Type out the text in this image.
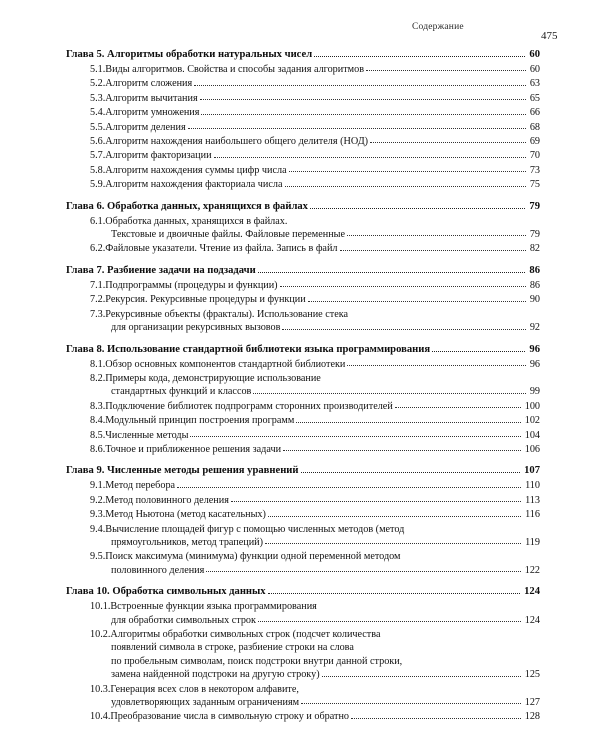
Содержание
475
Глава 5. Алгоритмы обработки натуральных чисел	60
5.1. Виды алгоритмов. Свойства и способы задания алгоритмов	60
5.2. Алгоритм сложения	63
5.3. Алгоритм вычитания	65
5.4. Алгоритм умножения	66
5.5. Алгоритм деления	68
5.6. Алгоритм нахождения наибольшего общего делителя (НОД)	69
5.7. Алгоритм факторизации	70
5.8. Алгоритм нахождения суммы цифр числа	73
5.9. Алгоритм нахождения факториала числа	75
Глава 6. Обработка данных, хранящихся в файлах	79
6.1. Обработка данных, хранящихся в файлах.
Текстовые и двоичные файлы. Файловые переменные	79
6.2. Файловые указатели. Чтение из файла. Запись в файл	82
Глава 7. Разбиение задачи на подзадачи	86
7.1. Подпрограммы (процедуры и функции)	86
7.2. Рекурсия. Рекурсивные процедуры и функции	90
7.3. Рекурсивные объекты (фракталы). Использование стека
для организации рекурсивных вызовов	92
Глава 8. Использование стандартной библиотеки языка программирования	96
8.1. Обзор основных компонентов стандартной библиотеки	96
8.2. Примеры кода, демонстрирующие использование
стандартных функций и классов	99
8.3. Подключение библиотек подпрограмм сторонних производителей	100
8.4. Модульный принцип построения программ	102
8.5. Численные методы	104
8.6. Точное и приближенное решения задачи	106
Глава 9. Численные методы решения уравнений	107
9.1. Метод перебора	110
9.2. Метод половинного деления	113
9.3. Метод Ньютона (метод касательных)	116
9.4. Вычисление площадей фигур с помощью численных методов (метод
прямоугольников, метод трапеций)	119
9.5. Поиск максимума (минимума) функции одной переменной методом
половинного деления	122
Глава 10. Обработка символьных данных	124
10.1. Встроенные функции языка программирования
для обработки символьных строк	124
10.2. Алгоритмы обработки символьных строк (подсчет количества
появлений символа в строке, разбиение строки на слова
по пробельным символам, поиск подстроки внутри данной строки,
замена найденной подстроки на другую строку)	125
10.3. Генерация всех слов в некотором алфавите,
удовлетворяющих заданным ограничениям	127
10.4. Преобразование числа в символьную строку и обратно	128
